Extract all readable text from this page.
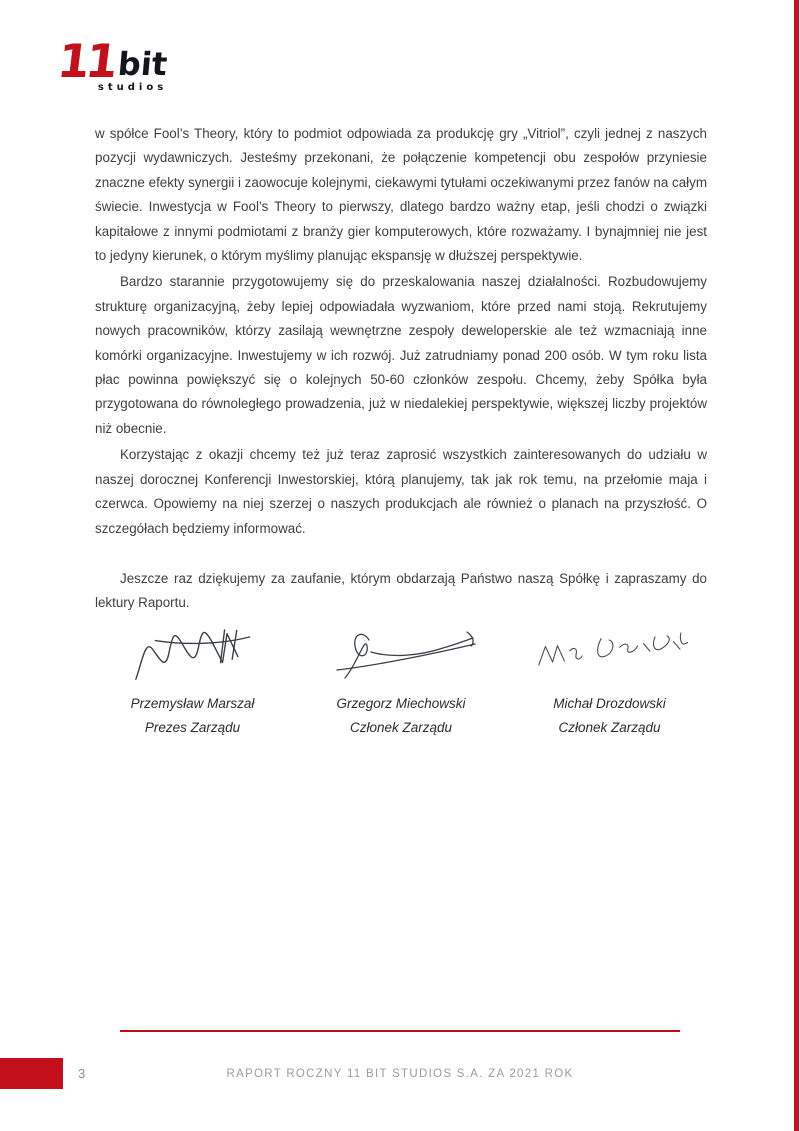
11 bit
studios

w spółce Fool’s Theory, który to podmiot odpowiada za produkcję gry „Vitriol”, czyli jednej z naszych pozycji wydawniczych. Jesteśmy przekonani, że połączenie kompetencji obu zespołów przyniesie znaczne efekty synergii i zaowocuje kolejnymi, ciekawymi tytułami oczekiwanymi przez fanów na całym świecie. Inwestycja w Fool’s Theory to pierwszy, dlatego bardzo ważny etap, jeśli chodzi o związki kapitałowe z innymi podmiotami z branży gier komputerowych, które rozważamy. I bynajmniej nie jest to jedyny kierunek, o którym myślimy planując ekspansję w dłuższej perspektywie.

Bardzo starannie przygotowujemy się do przeskalowania naszej działalności. Rozbudowujemy strukturę organizacyjną, żeby lepiej odpowiadała wyzwaniom, które przed nami stoją. Rekrutujemy nowych pracowników, którzy zasilają wewnętrzne zespoły deweloperskie ale też wzmacniają inne komórki organizacyjne. Inwestujemy w ich rozwój. Już zatrudniamy ponad 200 osób. W tym roku lista płac powinna powiększyć się o kolejnych 50-60 członków zespołu. Chcemy, żeby Spółka była przygotowana do równoległego prowadzenia, już w niedalekiej perspektywie, większej liczby projektów niż obecnie.

Korzystając z okazji chcemy też już teraz zaprosić wszystkich zainteresowanych do udziału w naszej dorocznej Konferencji Inwestorskiej, którą planujemy, tak jak rok temu, na przełomie maja i czerwca. Opowiemy na niej szerzej o naszych produkcjach ale również o planach na przyszłość. O szczegółach będziemy informować.

Jeszcze raz dziękujemy za zaufanie, którym obdarzają Państwo naszą Spółkę i zapraszamy do lektury Raportu.

Przemysław Marszał
Prezes Zarządu
Grzegorz Miechowski
Członek Zarządu
Michał Drozdowski
Członek Zarządu
3	RAPORT ROCZNY 11 BIT STUDIOS S.A. ZA 2021 ROK
